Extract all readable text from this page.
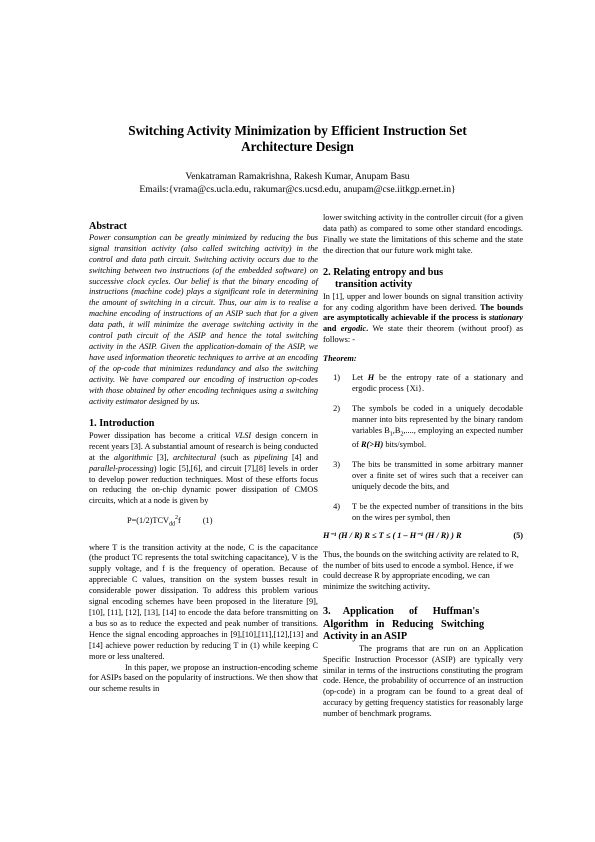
Switching Activity Minimization by Efficient Instruction Set Architecture Design
Venkatraman Ramakrishna, Rakesh Kumar, Anupam Basu
Emails:{vrama@cs.ucla.edu, rakumar@cs.ucsd.edu, anupam@cse.iitkgp.ernet.in}
Abstract

Power consumption can be greatly minimized by reducing the bus signal transition activity (also called switching activity) in the control and data path circuit. Switching activity occurs due to the switching between two instructions (of the embedded software) on successive clock cycles. Our belief is that the binary encoding of instructions (machine code) plays a significant role in determining the amount of switching in a circuit. Thus, our aim is to realise a machine encoding of instructions of an ASIP such that for a given data path, it will minimize the average switching activity in the control path circuit of the ASIP and hence the total switching activity in the ASIP. Given the application-domain of the ASIP, we have used information theoretic techniques to arrive at an encoding of the op-code that minimizes redundancy and also the switching activity. We have compared our encoding of instruction op-codes with those obtained by other encoding techniques using a switching activity estimator designed by us.

1. Introduction

Power dissipation has become a critical VLSI design concern in recent years [3]. A substantial amount of research is being conducted at the algorithmic [3], architectural (such as pipelining [4] and parallel-processing) logic [5],[6], and circuit [7],[8] levels in order to develop power reduction techniques. Most of these efforts focus on reducing the on-chip dynamic power dissipation of CMOS circuits, which at a node is given by

$P=(1/2)TCV_{dd}^2f$	(1)

where T is the transition activity at the node, C is the capacitance (the product TC represents the total switching capacitance), V is the supply voltage, and f is the frequency of operation. Because of appreciable C values, transition on the system busses result in considerable power dissipation. To address this problem various signal encoding schemes have been proposed in the literature [9], [10], [11], [12], [13], [14] to encode the data before transmitting on a bus so as to reduce the expected and peak number of transitions. Hence the signal encoding approaches in [9],[10],[11],[12],[13] and [14] achieve power reduction by reducing T in (1) while keeping C more or less unaltered.

In this paper, we propose an instruction-encoding scheme for ASIPs based on the popularity of instructions. We then show that our scheme results in

lower switching activity in the controller circuit (for a given data path) as compared to some other standard encodings. Finally we state the limitations of this scheme and the state the direction that our future work might take.

2. Relating entropy and bus
transition activity

In [1], upper and lower bounds on signal transition activity for any coding algorithm have been derived. The bounds are asymptotically achievable if the process is stationary and ergodic. We state their theorem (without proof) as follows: -

Theorem:
1)	Let H be the entropy rate of a stationary and ergodic process {Xi}.
2)	The symbols be coded in a uniquely decodable manner into bits represented by the binary random variables $B_1,B_2$,...., employing an expected number of R(>H) bits/symbol.
3)	The bits be transmitted in some arbitrary manner over a finite set of wires such that a receiver can uniquely decode the bits, and
4)	T be the expected number of transitions in the bits on the wires per symbol, then
H⁻¹ (H / R) R ≤ T ≤ ( 1 – H⁻¹ (H / R) ) R	(5)

Thus, the bounds on the switching activity are related to R, the number of bits used to encode a symbol. Hence, if we could decrease R by appropriate encoding, we can minimize the switching activity.

3.     Application      of      Huffman's
Algorithm   in   Reducing   Switching
Activity in an ASIP

The programs that are run on an Application Specific Instruction Processor (ASIP) are typically very similar in terms of the instructions constituting the program code. Hence, the probability of occurrence of an instruction (op-code) in a program can be found to a great deal of accuracy by getting frequency statistics for reasonably large number of benchmark programs.
